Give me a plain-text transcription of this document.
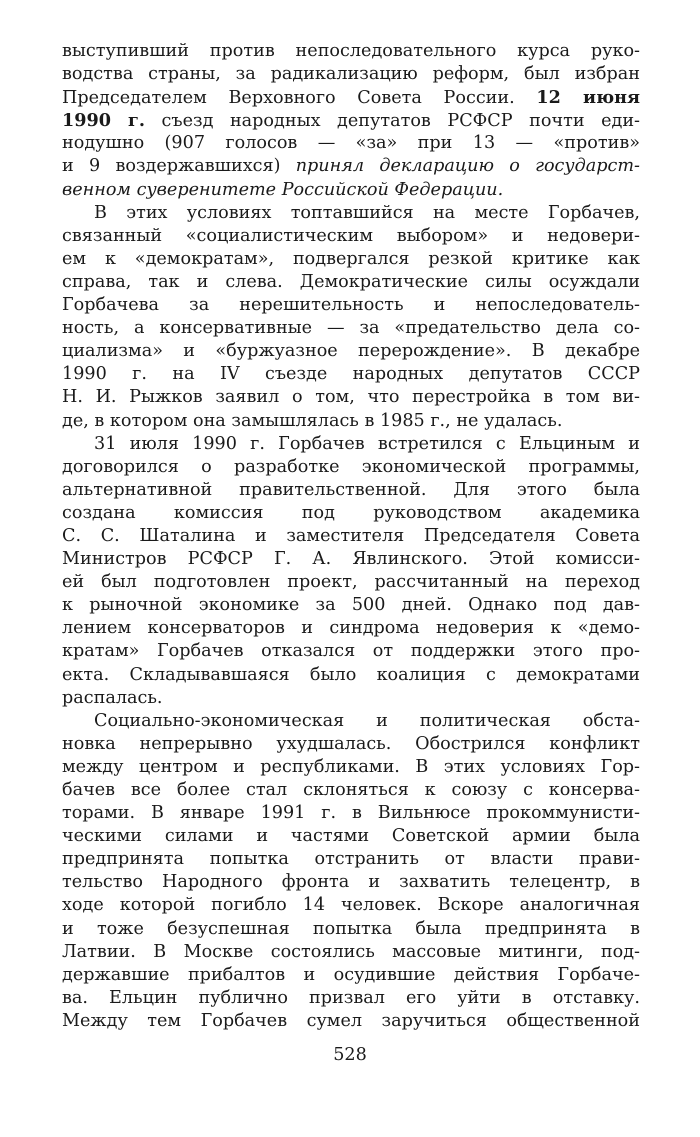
выступивший против непоследовательного курса руко-
водства страны, за радикализацию реформ, был избран
Председателем Верховного Совета России. 12 июня
1990 г. съезд народных депутатов РСФСР почти еди-
нодушно (907 голосов — «за» при 13 — «против»
и 9 воздержавшихся) принял декларацию о государст-
венном суверенитете Российской Федерации.
В этих условиях топтавшийся на месте Горбачев,
связанный «социалистическим выбором» и недовери-
ем к «демократам», подвергался резкой критике как
справа, так и слева. Демократические силы осуждали
Горбачева за нерешительность и непоследователь-
ность, а консервативные — за «предательство дела со-
циализма» и «буржуазное перерождение». В декабре
1990 г. на IV съезде народных депутатов СССР
Н. И. Рыжков заявил о том, что перестройка в том ви-
де, в котором она замышлялась в 1985 г., не удалась.
31 июля 1990 г. Горбачев встретился с Ельциным и
договорился о разработке экономической программы,
альтернативной правительственной. Для этого была
создана комиссия под руководством академика
С. С. Шаталина и заместителя Председателя Совета
Министров РСФСР Г. А. Явлинского. Этой комисси-
ей был подготовлен проект, рассчитанный на переход
к рыночной экономике за 500 дней. Однако под дав-
лением консерваторов и синдрома недоверия к «демо-
кратам» Горбачев отказался от поддержки этого про-
екта. Складывавшаяся было коалиция с демократами
распалась.
Социально-экономическая и политическая обста-
новка непрерывно ухудшалась. Обострился конфликт
между центром и республиками. В этих условиях Гор-
бачев все более стал склоняться к союзу с консерва-
торами. В январе 1991 г. в Вильнюсе прокоммунисти-
ческими силами и частями Советской армии была
предпринята попытка отстранить от власти прави-
тельство Народного фронта и захватить телецентр, в
ходе которой погибло 14 человек. Вскоре аналогичная
и тоже безуспешная попытка была предпринята в
Латвии. В Москве состоялись массовые митинги, под-
державшие прибалтов и осудившие действия Горбаче-
ва. Ельцин публично призвал его уйти в отставку.
Между тем Горбачев сумел заручиться общественной
528
